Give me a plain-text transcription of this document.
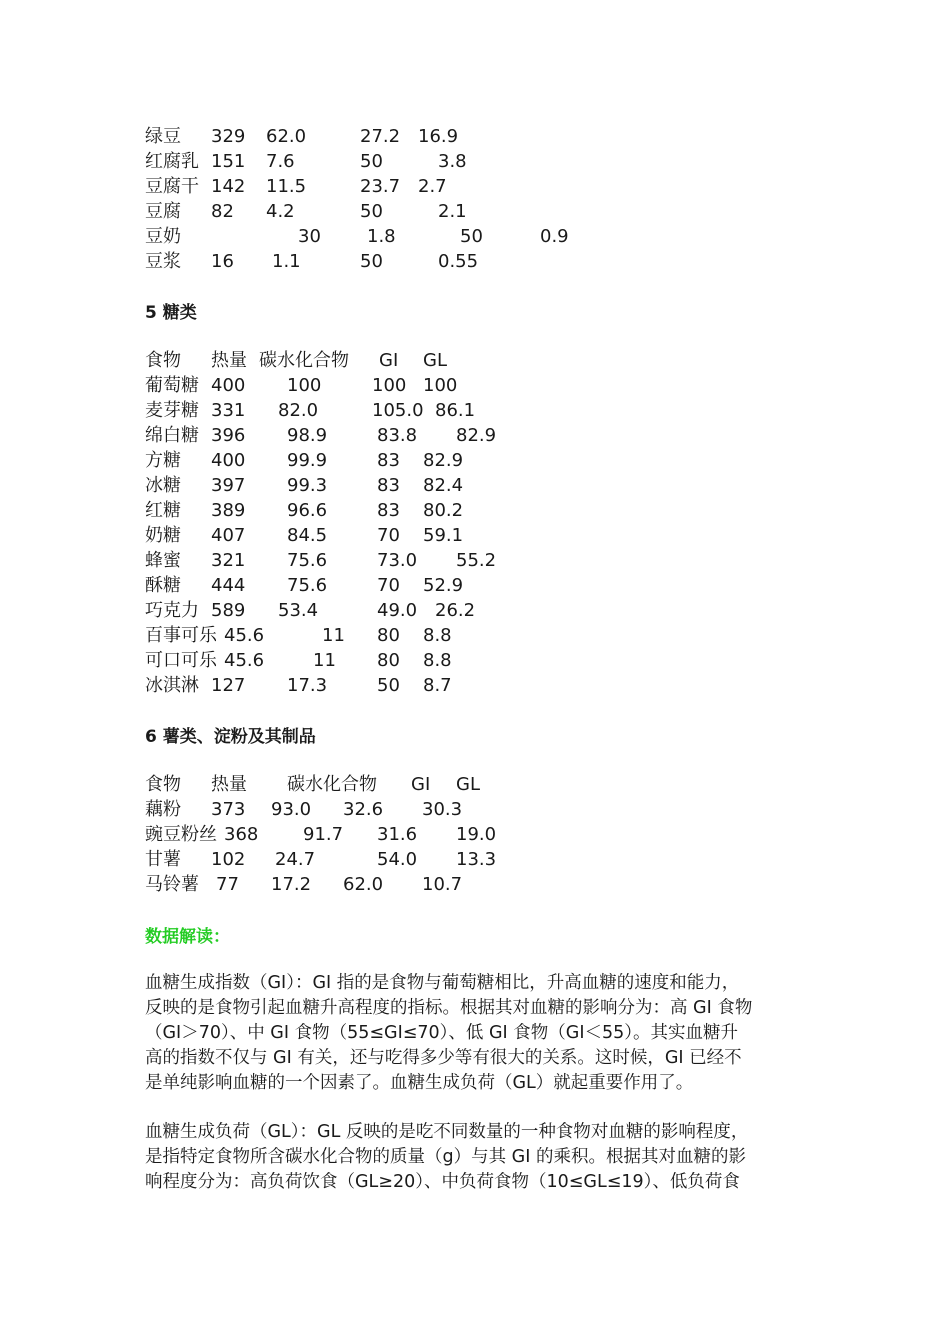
绿豆 329 62.0	27.2 16.9
红腐乳 151 7.6	50	3.8
豆腐干 142 11.5	23.7 2.7
豆腐 82 4.2	50	2.1
豆奶	30	1.8	50	0.9
豆浆 16 1.1	50	0.55
5 糖类
食物 热量 碳水化合物 GI GL
葡萄糖 400 100	100 100
麦芽糖 331 82.0	105.0 86.1
绵白糖 396 98.9	83.8 82.9
方糖 400 99.9	83 82.9
冰糖 397 99.3	83 82.4
红糖 389 96.6	83 80.2
奶糖 407 84.5	70 59.1
蜂蜜 321 75.6	73.0 55.2
酥糖 444 75.6	70 52.9
巧克力 589 53.4	49.0 26.2
百事可乐 45.6	11 80 8.8
可口可乐 45.6	11 80 8.8
冰淇淋 127 17.3	50 8.7
6 薯类、淀粉及其制品
食物 热量 碳水化合物 GI GL
藕粉 373 93.0 32.6 30.3
豌豆粉丝 368 91.7 31.6 19.0
甘薯 102 24.7	54.0 13.3
马铃薯 77 17.2 62.0 10.7
数据解读：
血糖生成指数（GI）：GI 指的是食物与葡萄糖相比，升高血糖的速度和能力，
反映的是食物引起血糖升高程度的指标。根据其对血糖的影响分为：高 GI 食物
（GI＞70）、中 GI 食物（55≤GI≤70）、低 GI 食物（GI＜55）。其实血糖升
高的指数不仅与 GI 有关，还与吃得多少等有很大的关系。这时候，GI 已经不
是单纯影响血糖的一个因素了。血糖生成负荷（GL）就起重要作用了。
血糖生成负荷（GL）：GL 反映的是吃不同数量的一种食物对血糖的影响程度，
是指特定食物所含碳水化合物的质量（g）与其 GI 的乘积。根据其对血糖的影
响程度分为：高负荷饮食（GL≥20）、中负荷食物（10≤GL≤19）、低负荷食
